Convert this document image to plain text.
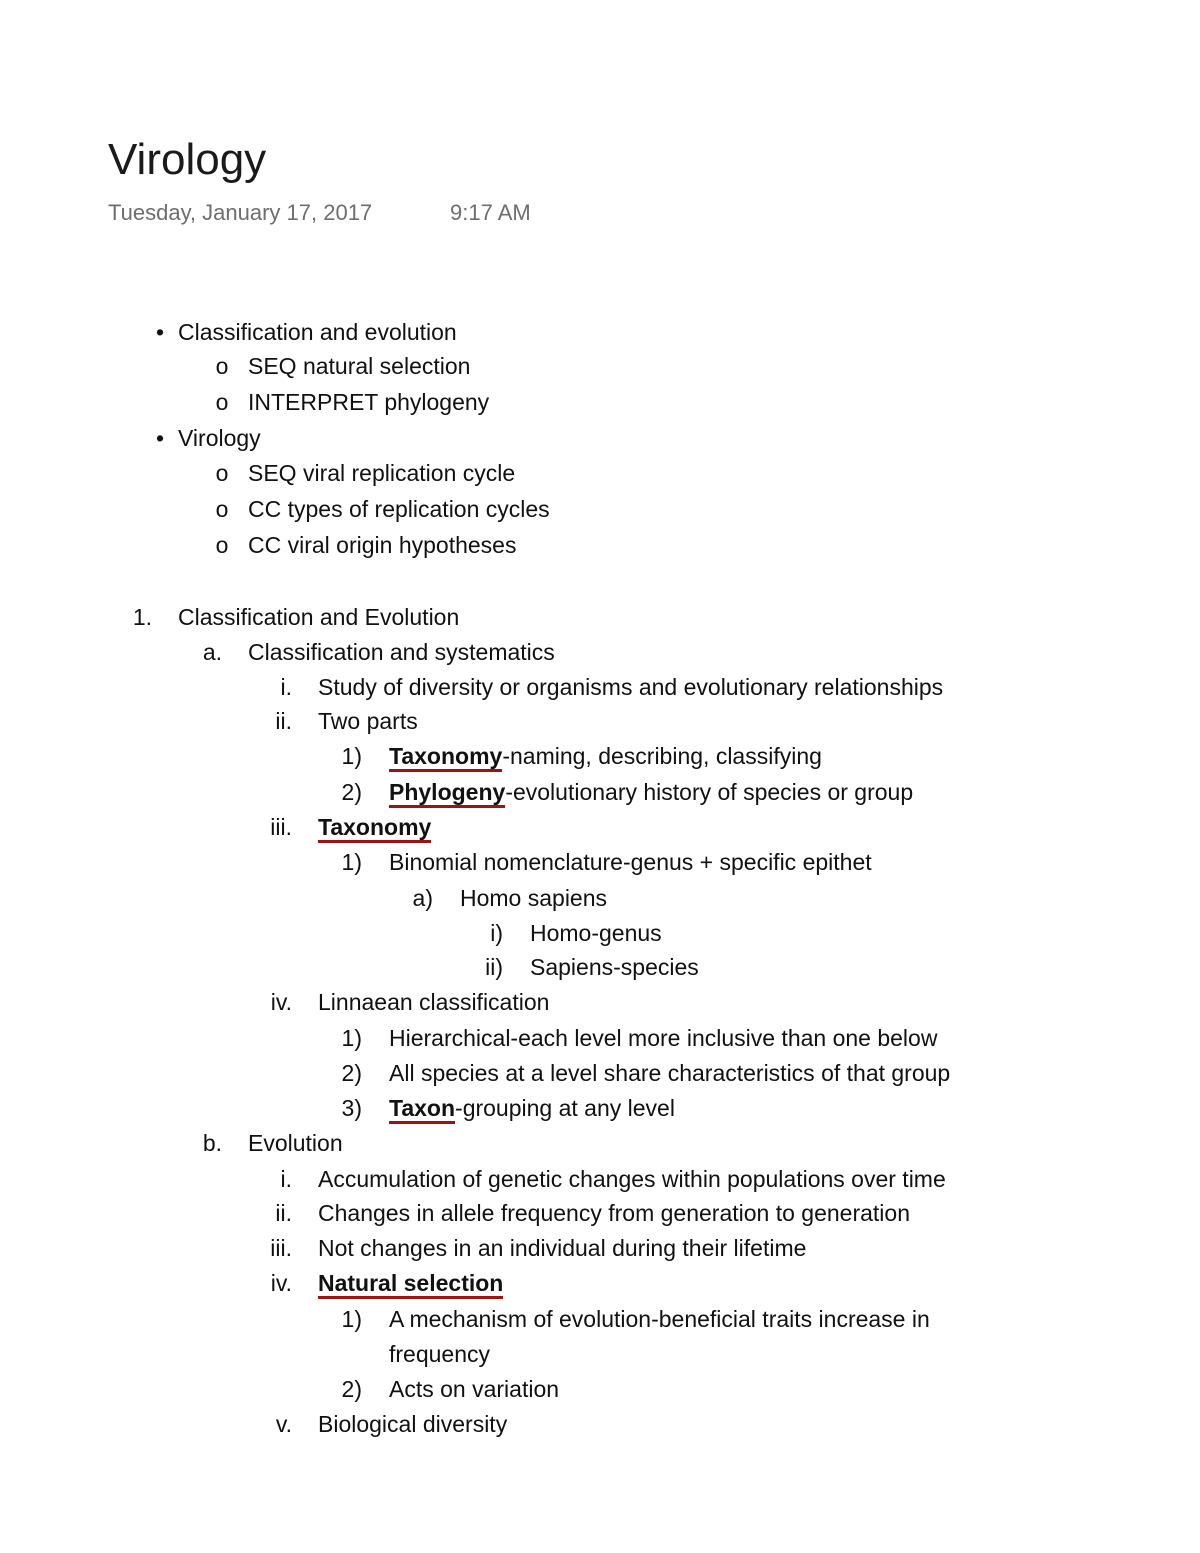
Virology
Tuesday, January 17, 2017	9:17 AM
• Classification and evolution
o SEQ natural selection
o INTERPRET phylogeny
• Virology
o SEQ viral replication cycle
o CC types of replication cycles
o CC viral origin hypotheses
1. Classification and Evolution
a. Classification and systematics
i. Study of diversity or organisms and evolutionary relationships
ii. Two parts
1) Taxonomy-naming, describing, classifying
2) Phylogeny-evolutionary history of species or group
iii. Taxonomy
1) Binomial nomenclature-genus + specific epithet
a) Homo sapiens
i) Homo-genus
ii) Sapiens-species
iv. Linnaean classification
1) Hierarchical-each level more inclusive than one below
2) All species at a level share characteristics of that group
3) Taxon-grouping at any level
b. Evolution
i. Accumulation of genetic changes within populations over time
ii. Changes in allele frequency from generation to generation
iii. Not changes in an individual during their lifetime
iv. Natural selection
1) A mechanism of evolution-beneficial traits increase in
frequency
2) Acts on variation
v. Biological diversity
